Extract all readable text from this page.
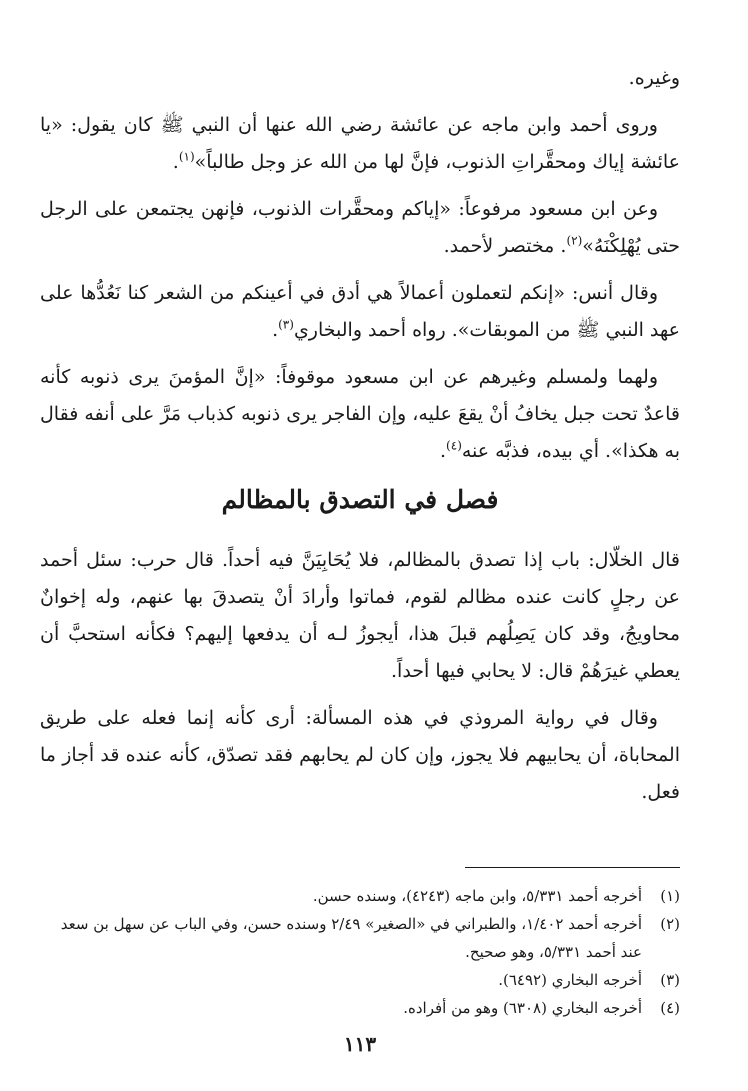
وغيره.

وروى أحمد وابن ماجه عن عائشة رضي الله عنها أن النبي ﷺ كان يقول: «يا عائشة إياك ومحقَّراتِ الذنوب، فإنَّ لها من الله عز وجل طالباً»$^{(١)}$.

وعن ابن مسعود مرفوعاً: «إياكم ومحقَّرات الذنوب، فإنهن يجتمعن على الرجل حتى يُهْلِكْنَهُ»$^{(٢)}$. مختصر لأحمد.

وقال أنس: «إنكم لتعملون أعمالاً هي أدق في أعينكم من الشعر كنا نَعُدُّها على عهد النبي ﷺ من الموبقات». رواه أحمد والبخاري$^{(٣)}$.

ولهما ولمسلم وغيرهم عن ابن مسعود موقوفاً: «إنَّ المؤمنَ يرى ذنوبه كأنه قاعدٌ تحت جبل يخافُ أنْ يقعَ عليه، وإن الفاجر يرى ذنوبه كذباب مَرَّ على أنفه فقال به هكذا». أي بيده، فذبَّه عنه$^{(٤)}$.

فصل في التصدق بالمظالم

قال الخلّال: باب إذا تصدق بالمظالم، فلا يُحَابِيَنَّ فيه أحداً. قال حرب: سئل أحمد عن رجلٍ كانت عنده مظالم لقوم، فماتوا وأرادَ أنْ يتصدقَ بها عنهم، وله إخوانٌ محاويجُ، وقد كان يَصِلُهم قبلَ هذا، أيجوزُ لـه أن يدفعها إليهم؟ فكأنه استحبَّ أن يعطي غيرَهُمْ قال: لا يحابي فيها أحداً.

وقال في رواية المروذي في هذه المسألة: أرى كأنه إنما فعله على طريق المحاباة، أن يحابيهم فلا يجوز، وإن كان لم يحابهم فقد تصدّق، كأنه عنده قد أجاز ما فعل.

(١)
أخرجه أحمد ٥/٣٣١، وابن ماجه (٤٢٤٣)، وسنده حسن.
(٢)
أخرجه أحمد ١/٤٠٢، والطبراني في «الصغير» ٢/٤٩ وسنده حسن، وفي الباب عن سهل بن سعد عند أحمد ٥/٣٣١، وهو صحيح.
(٣)
أخرجه البخاري (٦٤٩٢).
(٤)
أخرجه البخاري (٦٣٠٨) وهو من أفراده.
١١٣
